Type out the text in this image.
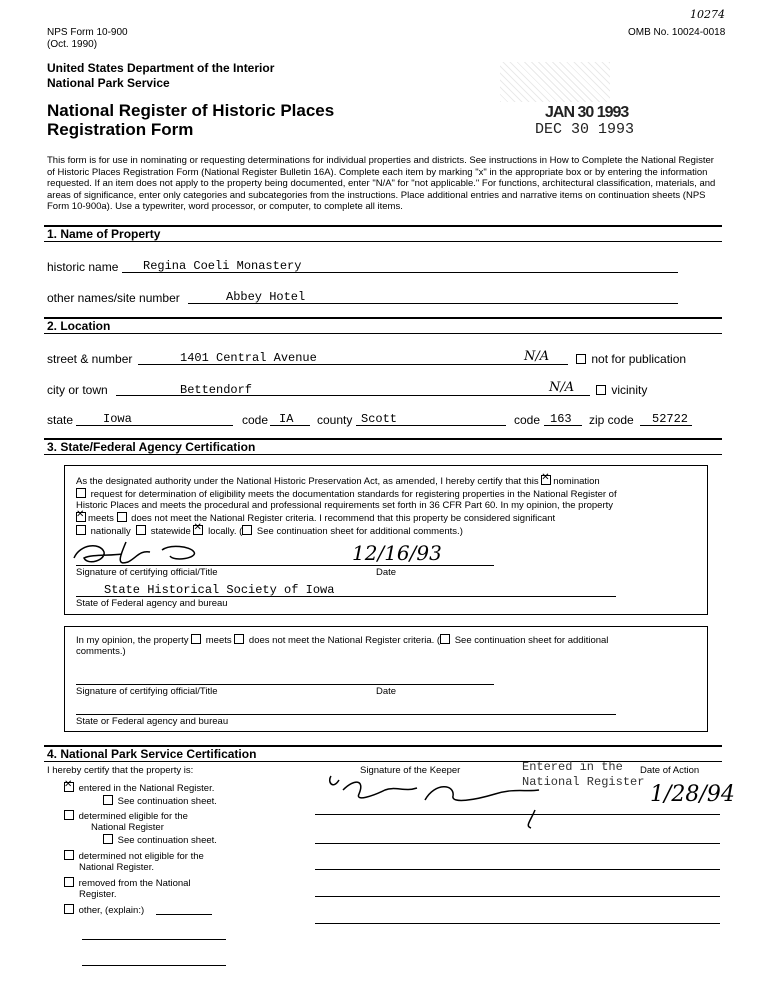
NPS Form 10-900
(Oct. 1990)
OMB No. 10024-0018
10274
United States Department of the Interior
National Park Service
National Register of Historic Places
Registration Form
JAN 30 1993
DEC 30 1993
This form is for use in nominating or requesting determinations for individual properties and districts. See instructions in How to Complete the National Register of Historic Places Registration Form (National Register Bulletin 16A). Complete each item by marking "x" in the appropriate box or by entering the information requested. If an item does not apply to the property being documented, enter "N/A" for "not applicable." For functions, architectural classification, materials, and areas of significance, enter only categories and subcategories from the instructions. Place additional entries and narrative items on continuation sheets (NPS Form 10-900a). Use a typewriter, word processor, or computer, to complete all items.
1. Name of Property
historic name Regina Coeli Monastery
other names/site number	Abbey Hotel
2. Location
street & number	1401 Central Avenue	N/A	not for publication
city or town	Bettendorf	N/A	vicinity
state Iowa	code IA county Scott	code 163 zip code 52722
3. State/Federal Agency Certification
As the designated authority under the National Historic Preservation Act, as amended, I hereby certify that this ✕ nomination
request for determination of eligibility meets the documentation standards for registering properties in the National Register of
Historic Places and meets the procedural and professional requirements set forth in 36 CFR Part 60. In my opinion, the property
✕meets does not meet the National Register criteria. I recommend that this property be considered significant
nationally statewide ✕ locally. ( See continuation sheet for additional comments.)
12/16/93
Signature of certifying official/Title	Date
State Historical Society of Iowa
State of Federal agency and bureau
In my opinion, the property meets does not meet the National Register criteria. ( See continuation sheet for additional
comments.)
Signature of certifying official/Title	Date
State or Federal agency and bureau
4. National Park Service Certification
I hereby certify that the property is:	Signature of the Keeper	Date of Action
Entered in the
National Register 1/28/94
✕ entered in the National Register.
See continuation sheet.
determined eligible for the
National Register
See continuation sheet.
determined not eligible for the
National Register.
removed from the National
Register.
other, (explain:)
